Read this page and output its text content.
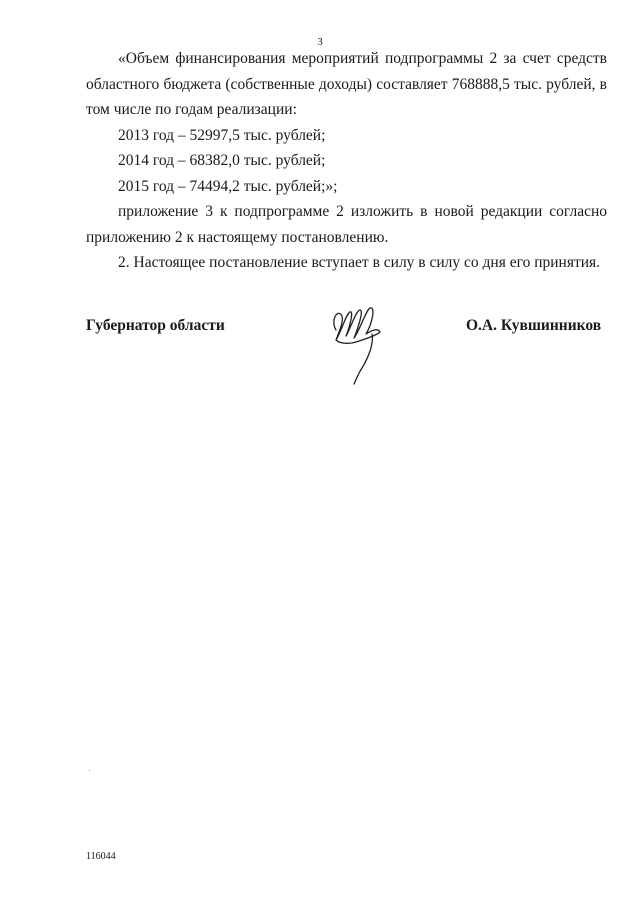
3

«Объем финансирования мероприятий подпрограммы 2 за счет средств областного бюджета (собственные доходы) составляет 768888,5 тыс. рублей, в том числе по годам реализации:

2013 год – 52997,5 тыс. рублей;

2014 год – 68382,0 тыс. рублей;

2015 год – 74494,2 тыс. рублей;»;

приложение 3 к подпрограмме 2 изложить в новой редакции согласно приложению 2 к настоящему постановлению.

2. Настоящее постановление вступает в силу в силу со дня его принятия.

Губернатор области	О.А. Кувшинников
116044
